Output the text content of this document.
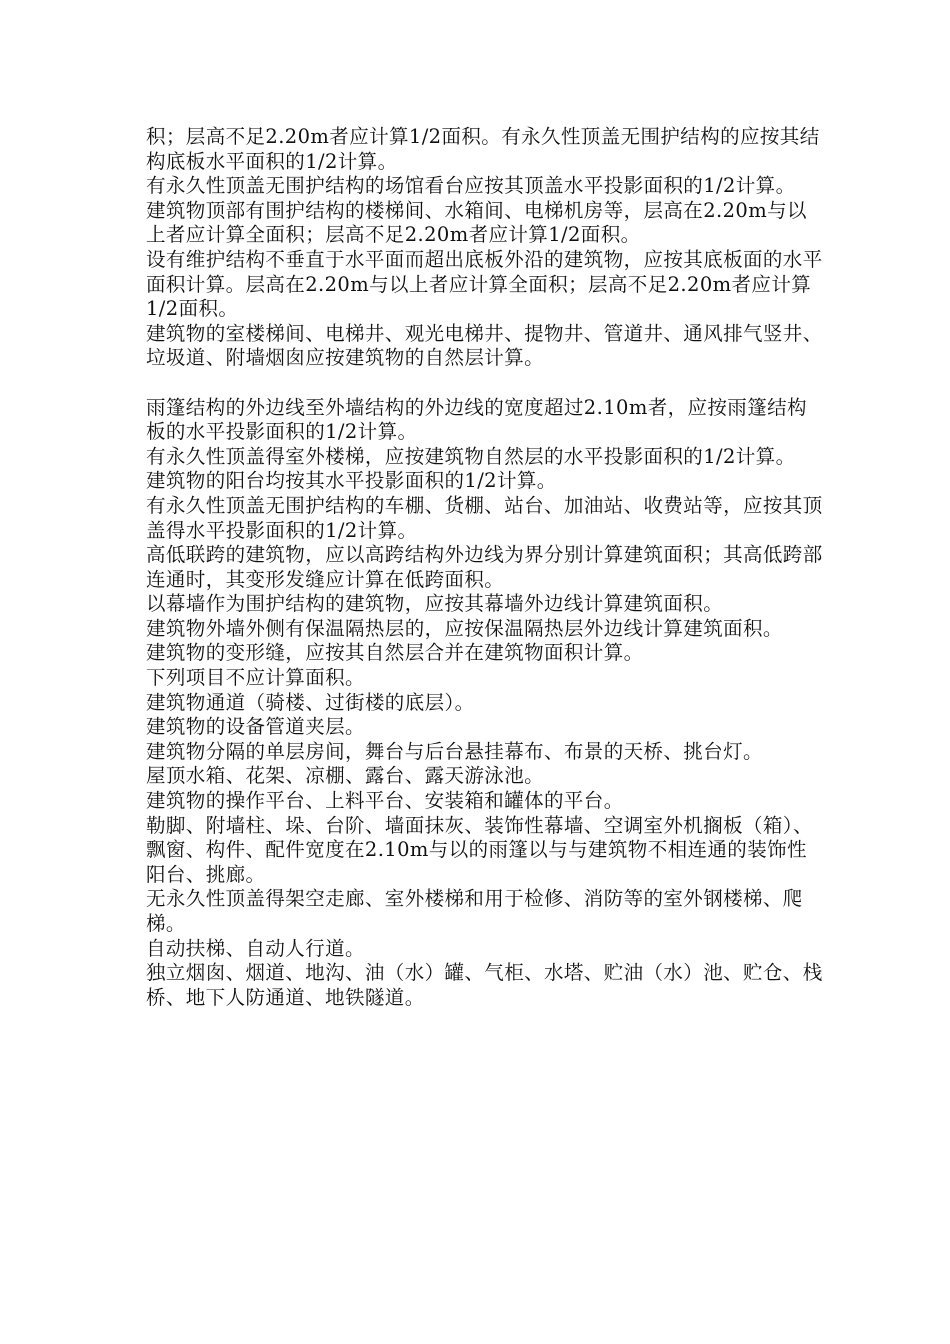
积；层高不足2.20m者应计算1/2面积。有永久性顶盖无围护结构的应按其结构底板水平面积的1/2计算。

有永久性顶盖无围护结构的场馆看台应按其顶盖水平投影面积的1/2计算。

建筑物顶部有围护结构的楼梯间、水箱间、电梯机房等，层高在2.20m与以上者应计算全面积；层高不足2.20m者应计算1/2面积。

设有维护结构不垂直于水平面而超出底板外沿的建筑物，应按其底板面的水平面积计算。层高在2.20m与以上者应计算全面积；层高不足2.20m者应计算1/2面积。

建筑物的室楼梯间、电梯井、观光电梯井、提物井、管道井、通风排气竖井、垃圾道、附墙烟囱应按建筑物的自然层计算。

雨篷结构的外边线至外墙结构的外边线的宽度超过2.10m者，应按雨篷结构板的水平投影面积的1/2计算。

有永久性顶盖得室外楼梯，应按建筑物自然层的水平投影面积的1/2计算。

建筑物的阳台均按其水平投影面积的1/2计算。

有永久性顶盖无围护结构的车棚、货棚、站台、加油站、收费站等，应按其顶盖得水平投影面积的1/2计算。

高低联跨的建筑物，应以高跨结构外边线为界分别计算建筑面积；其高低跨部连通时，其变形发缝应计算在低跨面积。

以幕墙作为围护结构的建筑物，应按其幕墙外边线计算建筑面积。

建筑物外墙外侧有保温隔热层的，应按保温隔热层外边线计算建筑面积。

建筑物的变形缝，应按其自然层合并在建筑物面积计算。

下列项目不应计算面积。

建筑物通道（骑楼、过街楼的底层）。

建筑物的设备管道夹层。

建筑物分隔的单层房间，舞台与后台悬挂幕布、布景的天桥、挑台灯。

屋顶水箱、花架、凉棚、露台、露天游泳池。

建筑物的操作平台、上料平台、安装箱和罐体的平台。

勒脚、附墙柱、垛、台阶、墙面抹灰、装饰性幕墙、空调室外机搁板（箱）、飘窗、构件、配件宽度在2.10m与以的雨篷以与与建筑物不相连通的装饰性阳台、挑廊。

无永久性顶盖得架空走廊、室外楼梯和用于检修、消防等的室外钢楼梯、爬梯。

自动扶梯、自动人行道。

独立烟囱、烟道、地沟、油（水）罐、气柜、水塔、贮油（水）池、贮仓、栈桥、地下人防通道、地铁隧道。
